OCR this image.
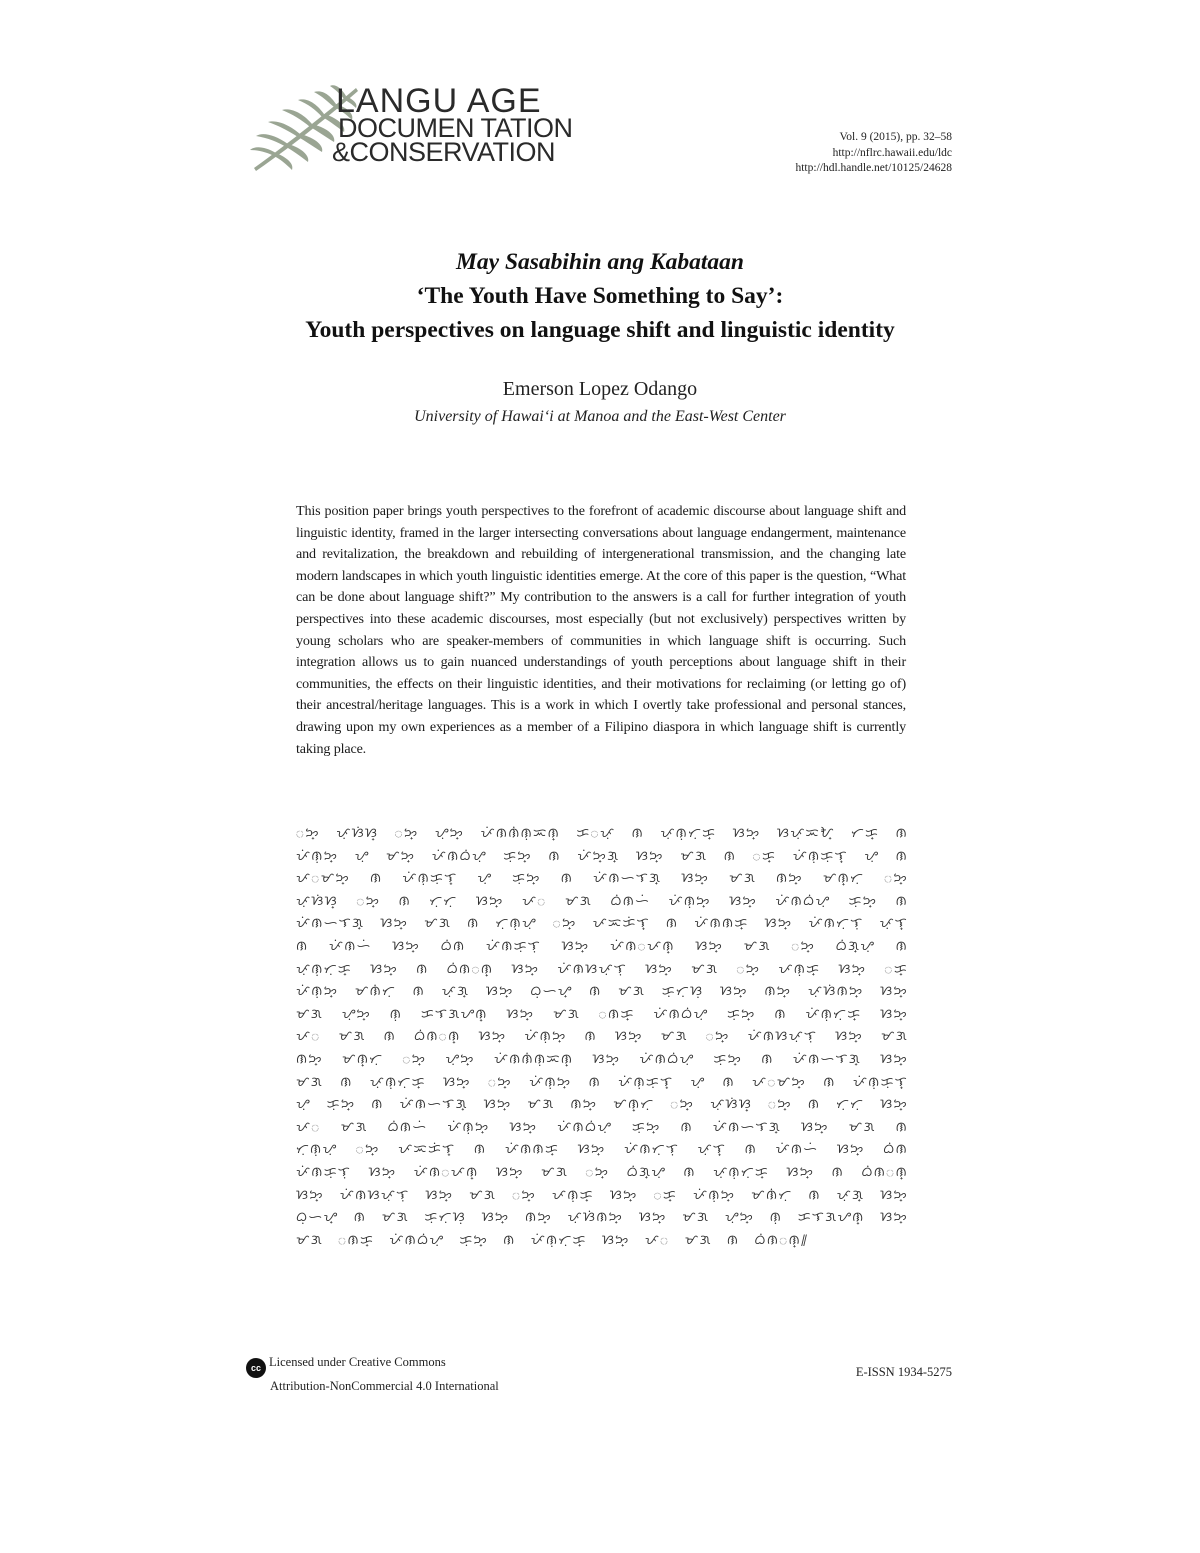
LANGU AGE
DOCUMEN TATION
&CONSERVATION	Vol. 9 (2015), pp. 32–58
http://nflrc.hawaii.edu/ldc
http://hdl.handle.net/10125/24628
May Sasabihin ang Kabataan
‘The Youth Have Something to Say’:
Youth perspectives on language shift and linguistic identity
Emerson Lopez Odango
University of Hawaiʻi at Manoa and the East-West Center
This position paper brings youth perspectives to the forefront of academic discourse about language shift and linguistic identity, framed in the larger intersecting conversations about language endangerment, maintenance and revitalization, the breakdown and rebuilding of intergenerational transmission, and the changing late modern landscapes in which youth linguistic identities emerge. At the core of this paper is the question, “What can be done about language shift?” My contribution to the answers is a call for further integration of youth perspectives into these academic discourses, most especially (but not exclusively) perspectives written by young scholars who are speaker-members of communities in which language shift is occurring. Such integration allows us to gain nuanced understandings of youth perceptions about language shift in their communities, the effects on their linguistic identities, and their motivations for reclaiming (or letting go of) their ancestral/heritage languages. This is a work in which I overtly take professional and personal stances, drawing upon my own experiences as a member of a Filipino diaspora in which language shift is currently taking place.
ᜀᜅ᜔ ᜉᜓᜐᜒᜐ᜔ ᜀᜅ᜔ ᜌᜓᜅ᜔ ᜉᜒᜈᜈᜒᜈᜓᜁᜈ᜔ ᜃᜀᜉᜓ ᜈ ᜉᜓᜈᜓᜆᜓᜃ᜔ ᜐᜅ᜔ ᜐᜉᜓᜁᜀ᜔ ᜆᜃ᜔ ᜈ ᜉᜒᜈᜓᜅ᜔ ᜌᜓ ᜋᜅ᜔ ᜉᜒᜈᜊᜒᜌᜓ ᜃᜓᜅ᜔ ᜈ ᜉᜒᜅ᜔ᜄ᜔ ᜐᜅ᜔ ᜋᜄ ᜈ ᜀᜃ᜔ ᜉᜒᜈᜓᜃᜓᜎ᜔ ᜌᜓ ᜈ ᜉᜀᜋᜅ᜔ ᜈ ᜉᜒᜈᜓᜃᜓᜎ᜔ ᜌᜓ ᜃᜓᜅ᜔ ᜈ ᜉᜒᜈᜑᜎᜄ᜔ ᜐᜅ᜔ ᜋᜄ ᜈᜅ᜔ ᜋᜈ᜔ᜆᜓ ᜀᜅ᜔ ᜉᜓᜐᜒᜐ᜔ ᜀᜅ᜔ ᜈ ᜆᜓᜆᜓ ᜐᜅ᜔ ᜉᜀ ᜋᜄ ᜊᜒᜈᜑᜒ ᜉᜒᜈᜓᜅ᜔ ᜐᜅ᜔ ᜉᜒᜈᜊᜒᜌᜓ ᜃᜓᜅ᜔ ᜈ ᜉᜒᜈᜑᜎᜄ᜔ ᜐᜅ᜔ ᜋᜄ ᜈ ᜆᜓᜈᜓᜌᜓ ᜀᜅ᜔ ᜉᜁᜃᜒᜎ᜔ ᜈ ᜉᜒᜈᜈᜃ᜔ ᜐᜅ᜔ ᜉᜒᜈᜆᜓᜎᜓ ᜉᜓᜎ᜔ ᜈ ᜉᜒᜈᜑᜒ ᜐᜅ᜔ ᜊᜒᜈ ᜉᜒᜈᜃᜓᜎᜓ ᜐᜅ᜔ ᜉᜒᜈᜀᜉᜈ᜔ ᜐᜅ᜔ ᜋᜄ ᜀᜅ᜔ ᜊᜒᜄ᜔ᜌᜓ ᜈ ᜉᜓᜈᜓᜆᜓᜃ᜔ ᜐᜅ᜔ ᜈ ᜊᜒᜈᜀᜈ᜔ ᜐᜅ᜔ ᜉᜒᜈᜐᜉᜓᜎᜓ ᜐᜅ᜔ ᜋᜄ ᜀᜅ᜔ ᜉᜈᜓᜃ᜔ ᜐᜅ᜔ ᜀᜃ᜔ ᜉᜒᜈᜓᜅ᜔ ᜋᜈᜒᜆᜓ ᜈ ᜉᜓᜄ᜔ ᜐᜅ᜔ ᜊᜓᜑᜌ᜔ ᜈ ᜋᜄ ᜃᜓᜆᜓᜐᜓ ᜐᜅ᜔ ᜈᜅ᜔ ᜉᜓᜐᜒᜈᜅ᜔ ᜐᜅ᜔ ᜋᜄ ᜌᜓᜅ᜔ ᜈᜓ ᜃᜎᜄᜌᜈ᜔ ᜐᜅ᜔ ᜋᜄ ᜀᜈᜃ᜔ ᜉᜒᜈᜊᜒᜌᜓ ᜃᜓᜅ᜔ ᜈ ᜉᜒᜈᜓᜆᜓᜃ᜔ ᜐᜅ᜔ ᜉᜀ ᜋᜄ ᜈ ᜊᜒᜈᜀᜈ᜔ ᜐᜅ᜔ ᜉᜒᜈᜓᜅ᜔ ᜈ ᜐᜅ᜔ ᜋᜄ ᜀᜅ᜔ ᜉᜒᜈᜐᜉᜓᜎᜓ ᜐᜅ᜔ ᜋᜄ ᜈᜅ᜔ ᜋᜈ᜔ᜆᜓ ᜀᜅ᜔ ᜌᜓᜅ᜔ ᜉᜒᜈᜈᜒᜈᜓᜁᜈ᜔ ᜐᜅ᜔ ᜉᜒᜈᜊᜒᜌᜓ ᜃᜓᜅ᜔ ᜈ ᜉᜒᜈᜑᜎᜄ᜔ ᜐᜅ᜔ ᜋᜄ ᜈ ᜉᜓᜈᜓᜆᜓᜃ᜔ ᜐᜅ᜔ ᜀᜅ᜔ ᜉᜒᜈᜓᜅ᜔ ᜈ ᜉᜒᜈᜓᜃᜓᜎ᜔ ᜌᜓ ᜈ ᜉᜀᜋᜅ᜔ ᜈ ᜉᜒᜈᜓᜃᜓᜎ᜔ ᜌᜓ ᜃᜓᜅ᜔ ᜈ ᜉᜒᜈᜑᜎᜄ᜔ ᜐᜅ᜔ ᜋᜄ ᜈᜅ᜔ ᜋᜈ᜔ᜆᜓ ᜀᜅ᜔ ᜉᜓᜐᜒᜐ᜔ ᜀᜅ᜔ ᜈ ᜆᜓᜆᜓ ᜐᜅ᜔ ᜉᜀ ᜋᜄ ᜊᜒᜈᜑᜒ ᜉᜒᜈᜓᜅ᜔ ᜐᜅ᜔ ᜉᜒᜈᜊᜒᜌᜓ ᜃᜓᜅ᜔ ᜈ ᜉᜒᜈᜑᜎᜄ᜔ ᜐᜅ᜔ ᜋᜄ ᜈ ᜆᜓᜈᜓᜌᜓ ᜀᜅ᜔ ᜉᜁᜃᜒᜎ᜔ ᜈ ᜉᜒᜈᜈᜃ᜔ ᜐᜅ᜔ ᜉᜒᜈᜆᜓᜎᜓ ᜉᜓᜎ᜔ ᜈ ᜉᜒᜈᜑᜒ ᜐᜅ᜔ ᜊᜒᜈ ᜉᜒᜈᜃᜓᜎᜓ ᜐᜅ᜔ ᜉᜒᜈᜀᜉᜈ᜔ ᜐᜅ᜔ ᜋᜄ ᜀᜅ᜔ ᜊᜒᜄ᜔ᜌᜓ ᜈ ᜉᜓᜈᜓᜆᜓᜃ᜔ ᜐᜅ᜔ ᜈ ᜊᜒᜈᜀᜈ᜔ ᜐᜅ᜔ ᜉᜒᜈᜐᜉᜓᜎᜓ ᜐᜅ᜔ ᜋᜄ ᜀᜅ᜔ ᜉᜈᜓᜃ᜔ ᜐᜅ᜔ ᜀᜃ᜔ ᜉᜒᜈᜓᜅ᜔ ᜋᜈᜒᜆᜓ ᜈ ᜉᜓᜄ᜔ ᜐᜅ᜔ ᜊᜓᜑᜌ᜔ ᜈ ᜋᜄ ᜃᜓᜆᜓᜐᜓ ᜐᜅ᜔ ᜈᜅ᜔ ᜉᜓᜐᜒᜈᜅ᜔ ᜐᜅ᜔ ᜋᜄ ᜌᜓᜅ᜔ ᜈᜓ ᜃᜎᜄᜌᜈ᜔ ᜐᜅ᜔ ᜋᜄ ᜀᜈᜃ᜔ ᜉᜒᜈᜊᜒᜌᜓ ᜃᜓᜅ᜔ ᜈ ᜉᜒᜈᜓᜆᜓᜃ᜔ ᜐᜅ᜔ ᜉᜀ ᜋᜄ ᜈ ᜊᜒᜈᜀᜈ᜔᜶
cc Licensed under Creative Commons
Attribution-NonCommercial 4.0 International
E-ISSN 1934-5275
